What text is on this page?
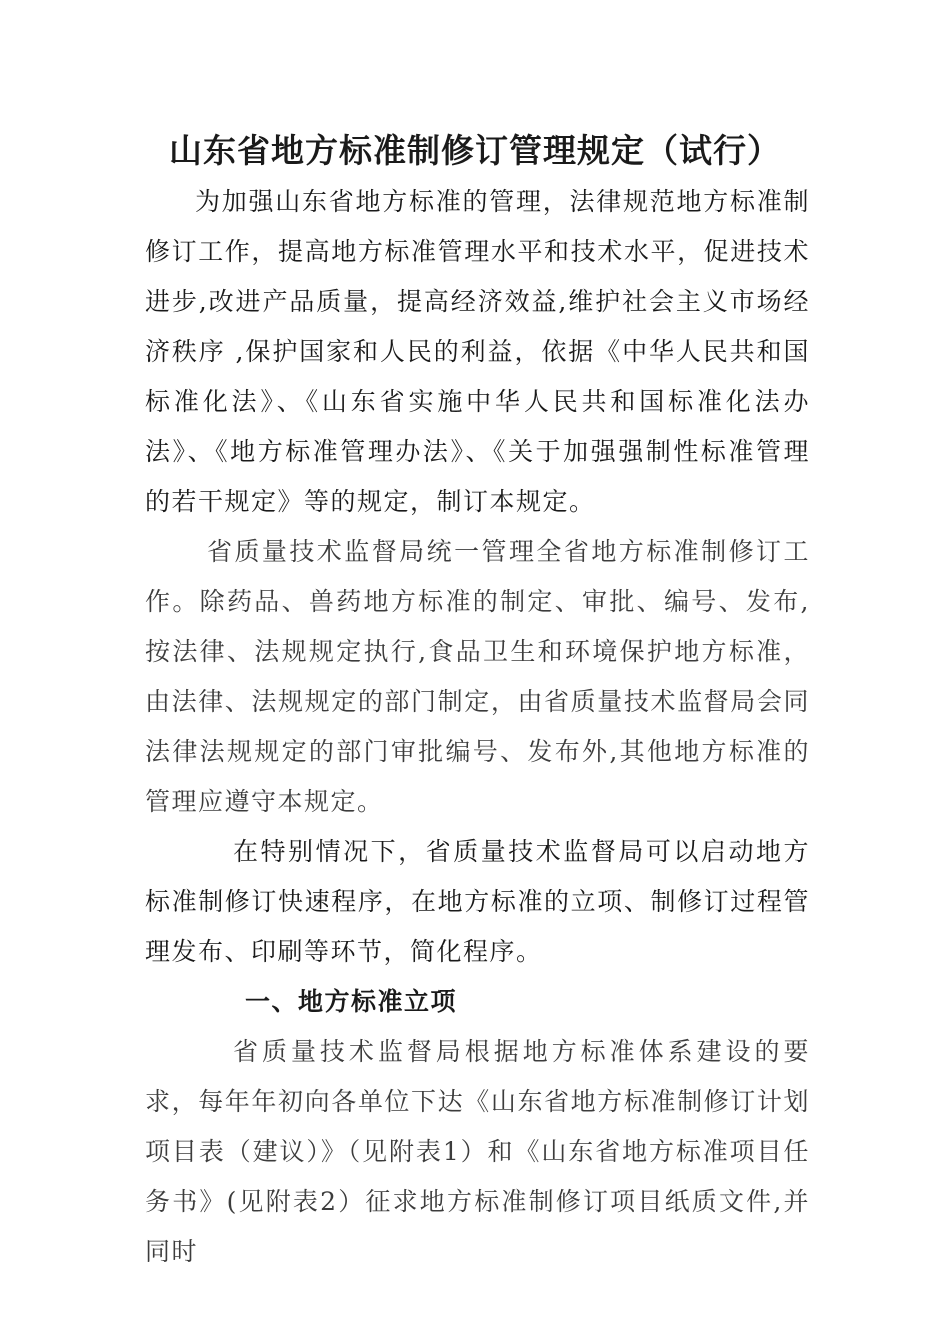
山东省地方标准制修订管理规定（试行）

为加强山东省地方标准的管理，法律规范地方标准制修订工作，提高地方标准管理水平和技术水平，促进技术进步,改进产品质量，提高经济效益,维护社会主义市场经济秩序 ,保护国家和人民的利益，依据《中华人民共和国标准化法》、《山东省实施中华人民共和国标准化法办法》、《地方标准管理办法》、《关于加强强制性标准管理的若干规定》等的规定，制订本规定。

省质量技术监督局统一管理全省地方标准制修订工作。除药品、兽药地方标准的制定、审批、编号、发布,按法律、法规规定执行,食品卫生和环境保护地方标准，由法律、法规规定的部门制定，由省质量技术监督局会同法律法规规定的部门审批编号、发布外,其他地方标准的管理应遵守本规定。

在特别情况下，省质量技术监督局可以启动地方标准制修订快速程序，在地方标准的立项、制修订过程管理发布、印刷等环节，简化程序。

一、地方标准立项

省质量技术监督局根据地方标准体系建设的要求，每年年初向各单位下达《山东省地方标准制修订计划项目表（建议）》（见附表1）和《山东省地方标准项目任务书》(见附表2）征求地方标准制修订项目纸质文件,并同时
